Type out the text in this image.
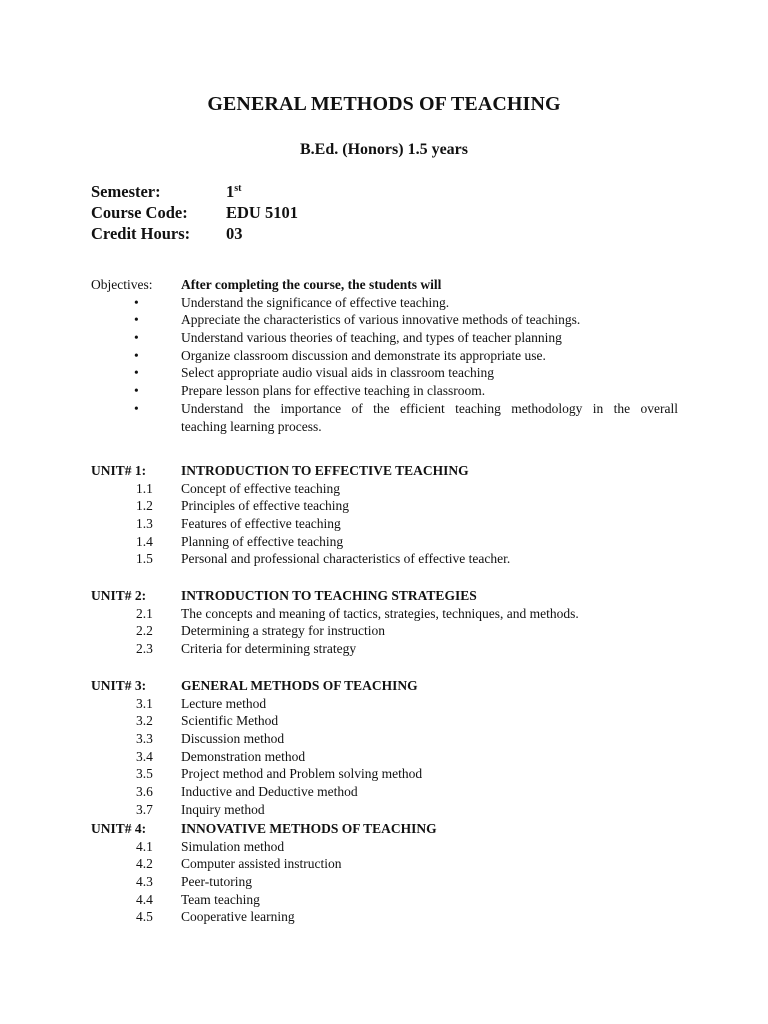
GENERAL METHODS OF TEACHING
B.Ed. (Honors) 1.5 years
Semester:	1st
Course Code: EDU 5101
Credit Hours: 03
Objectives: After completing the course, the students will
•	Understand the significance of effective teaching.
•	Appreciate the characteristics of various innovative methods of teachings.
•	Understand various theories of teaching, and types of teacher planning
•	Organize classroom discussion and demonstrate its appropriate use.
•	Select appropriate audio visual aids in classroom teaching
•	Prepare lesson plans for effective teaching in classroom.
•	Understand the importance of the efficient teaching methodology in the overall
teaching learning process.
UNIT# 1:	INTRODUCTION TO EFFECTIVE TEACHING
1.1	Concept of effective teaching
1.2	Principles of effective teaching
1.3	Features of effective teaching
1.4	Planning of effective teaching
1.5	Personal and professional characteristics of effective teacher.
UNIT# 2:	INTRODUCTION TO TEACHING STRATEGIES
2.1	The concepts and meaning of tactics, strategies, techniques, and methods.
2.2	Determining a strategy for instruction
2.3	Criteria for determining strategy
UNIT# 3:	GENERAL METHODS OF TEACHING
3.1	Lecture method
3.2	Scientific Method
3.3	Discussion method
3.4	Demonstration method
3.5	Project method and Problem solving method
3.6	Inductive and Deductive method
3.7	Inquiry method
UNIT# 4:	INNOVATIVE METHODS OF TEACHING
4.1	Simulation method
4.2	Computer assisted instruction
4.3	Peer-tutoring
4.4	Team teaching
4.5	Cooperative learning
